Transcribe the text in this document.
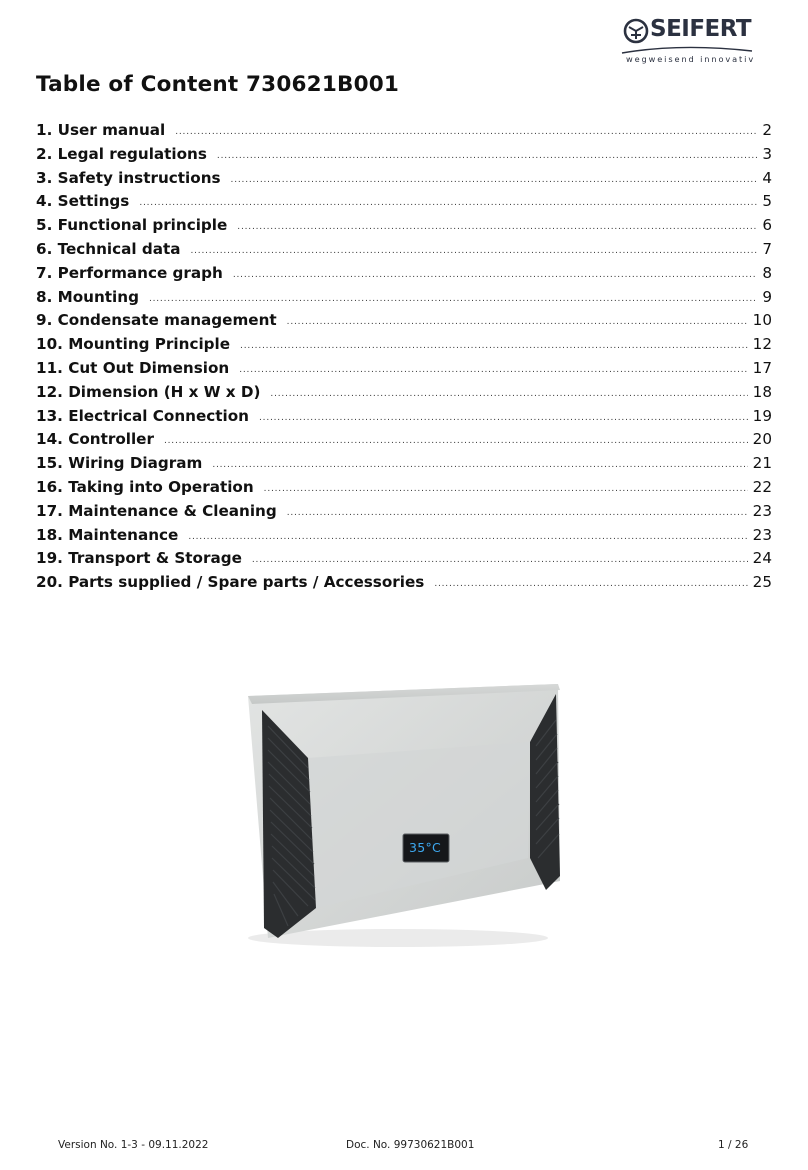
SEIFERT
wegweisend innovativ
Table of Content 730621B001
1. User manual .....	2
2. Legal regulations .....	3
3. Safety instructions .....	4
4. Settings .....	5
5. Functional principle .....	6
6. Technical data .....	7
7. Performance graph .....	8
8. Mounting .....	9
9. Condensate management .....	10
10. Mounting Principle .....	12
11. Cut Out Dimension .....	17
12. Dimension (H x W x D) .....	18
13. Electrical Connection .....	19
14. Controller .....	20
15. Wiring Diagram .....	21
16. Taking into Operation .....	22
17. Maintenance & Cleaning .....	23
18. Maintenance .....	23
19. Transport & Storage .....	24
20. Parts supplied / Spare parts / Accessories .....	25
35°C
Version No. 1-3 - 09.11.2022	Doc. No. 99730621B001	1 / 26
